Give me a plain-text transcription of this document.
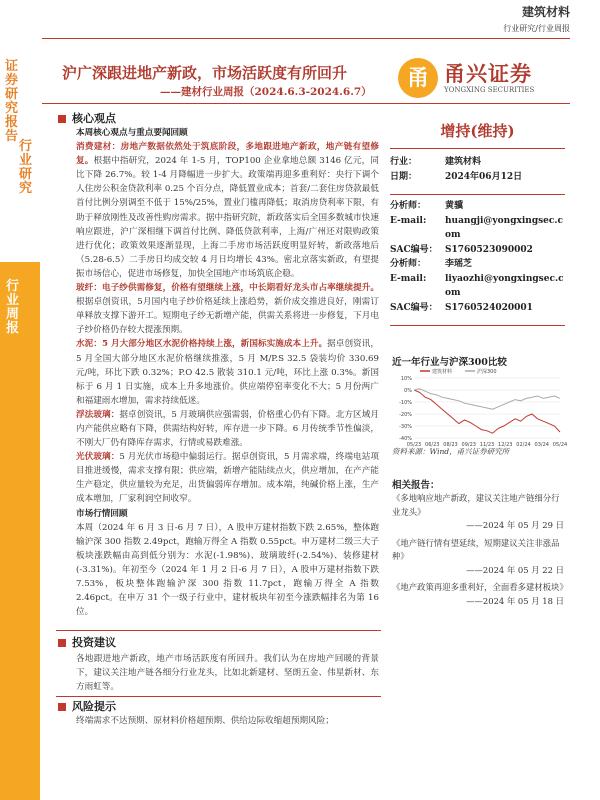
建筑材料
行业研究/行业周报
证券研究报告
行业研究
行业周报
沪广深跟进地产新政，市场活跃度有所回升
——建材行业周报（2024.6.3-2024.6.7）
甬 甬兴证券
YONGXING SECURITIES
核心观点
本周核心观点与重点要闻回顾
消费建材：房地产数据依然处于筑底阶段，多地跟进地产新政，地产链有望修复。根据中指研究，2024 年 1-5 月，TOP100 企业拿地总额 3146 亿元，同比下降 26.7%。较 1-4 月降幅进一步扩大。政策端再迎多重利好：央行下调个人住房公积金贷款利率 0.25 个百分点，降低置业成本；首套/二套住房贷款最低首付比例分别调至不低于 15%/25%，置业门槛再降低；取消房贷利率下限，有助于释放刚性及改善性购房需求。据中指研究院，新政落实后全国多数城市快速响应跟进，沪广深相继下调首付比例、降低贷款利率，上海/广州还对限购政策进行优化；政策效果逐渐显现，上海二手房市场活跃度明显好转，新政落地后（5.28-6.5）二手房日均成交较 4 月日均增长 43%。密北京落实新政，有望提振市场信心，促进市场修复，加快全国地产市场筑底企稳。
玻纤：电子纱供需修复，价格有望继续上涨，中长期看好龙头市占率继续提升。根据卓创资讯，5月国内电子纱价格延续上涨趋势，新价成交推进良好，刚需订单释放支撑下游开工。短期电子纱无新增产能，供需关系将进一步修复，下月电子纱价格仍存较大提涨预期。
水泥：5 月大部分地区水泥价格持续上涨，新国标实施成本上升。据卓创资讯，5 月全国大部分地区水泥价格继续推涨，5 月 M/P.S 32.5 袋装均价 330.69 元/吨，环比下跌 0.32%；P.O 42.5 散装 310.1 元/吨，环比上涨 0.3%。新国标于 6 月 1 日实施，成本上升多地涨价。供应端停窑率变化不大；5 月份两广和福建雨水增加，需求持续低迷。
浮法玻璃：据卓创资讯，5 月玻璃供应强需弱，价格重心仍有下降。北方区域月内产能供应略有下降，供需结构好转，库存进一步下降。6 月传统季节性偏淡，不刚大厂仍有降库存需求，行情或易跌难涨。
光伏玻璃：5 月光伏市场稳中偏弱运行。据卓创资讯，5 月需求端，终端电站项目推进缓慢，需求支撑有限；供应端，新增产能陆续点火，供应增加，在产产能生产稳定，供应量较为充足，出货偏弱库存增加。成本端，纯碱价格上涨，生产成本增加，厂家利润空间收窄。
市场行情回顾
本周（2024 年 6 月 3 日-6 月 7 日），A 股申万建材指数下跌 2.65%，整体跑输沪深 300 指数 2.49pct，跑输万得全 A 指数 0.55pct。申万建材二级三大子板块涨跌幅由高到低分别为：水泥(-1.98%)、玻璃玻纤(-2.54%)、装修建材(-3.31%)。年初至今（2024 年 1 月 2 日-6 月 7 日），A 股申万建材指数下跌 7.53%，板块整体跑输沪深 300 指数 11.7pct，跑输万得全 A 指数 2.46pct。在申万 31 个一级子行业中，建材板块年初至今涨跌幅排名为第 16 位。
投资建议
各地跟进地产新政，地产市场活跃度有所回升。我们认为在房地产回暖的背景下，建议关注地产链各细分行业龙头，比如北新建材、坚朗五金、伟星新材、东方雨虹等。
风险提示
终端需求不达预期、原材料价格超预期、供给边际收缩超预期风险；
增持(维持)
行业：	建筑材料
日期：	2024年06月12日
分析师：	黄骥
E-mail:	huangji@yongxingsec.com
SAC编号： S1760523090002
分析师：	李瑶芝
E-mail:	liyaozhi@yongxingsec.com
SAC编号： S1760524020001
近一年行业与沪深300比较
10%
0%
-10%
-20%
-30%
-40%
05/23 06/23 08/23 09/23 11/23 12/23 02/24 03/24 05/24
建筑材料	沪深300
资料来源：Wind，甬兴证券研究所
相关报告：
《多地响应地产新政，建议关注地产链细分行业龙头》
——2024 年 05 月 29 日
《地产链行情有望延续，短期建议关注非涨品种》
——2024 年 05 月 22 日
《地产政策再迎多重利好，全面看多建材板块》
——2024 年 05 月 18 日
